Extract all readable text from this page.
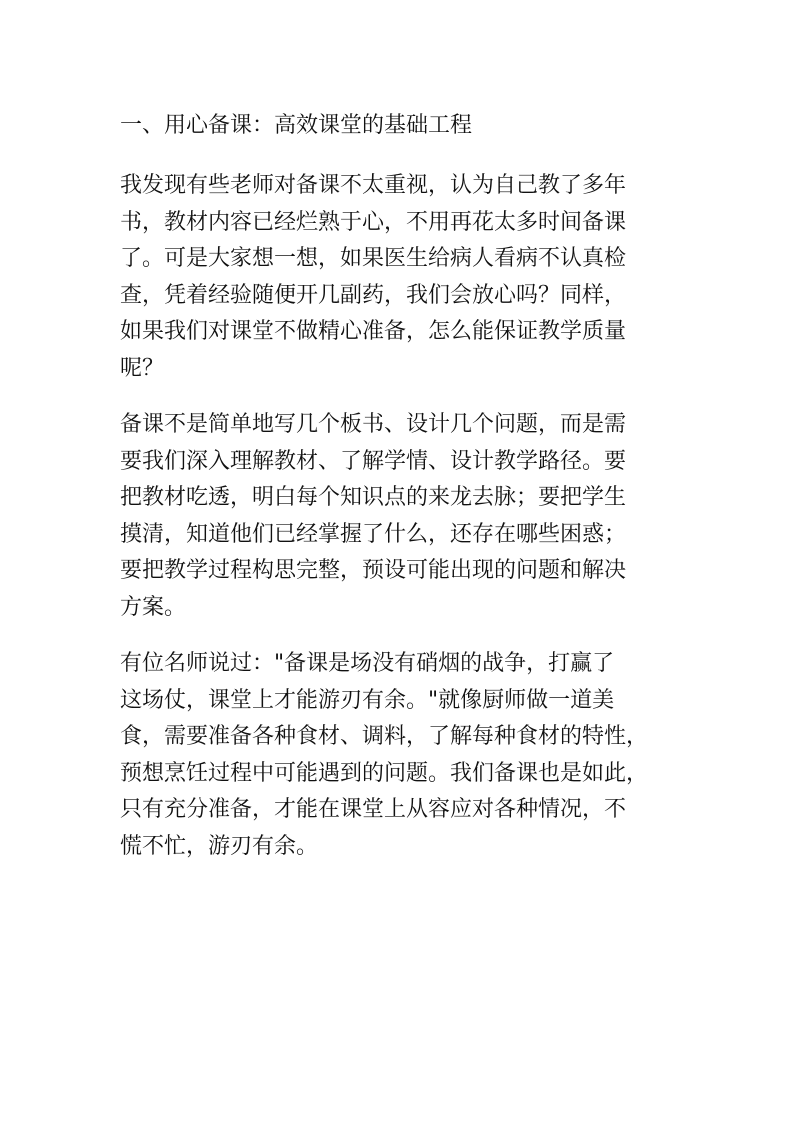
一、用心备课：高效课堂的基础工程

我发现有些老师对备课不太重视，认为自己教了多年
书，教材内容已经烂熟于心，不用再花太多时间备课
了。可是大家想一想，如果医生给病人看病不认真检
查，凭着经验随便开几副药，我们会放心吗？同样，
如果我们对课堂不做精心准备，怎么能保证教学质量
呢？

备课不是简单地写几个板书、设计几个问题，而是需
要我们深入理解教材、了解学情、设计教学路径。要
把教材吃透，明白每个知识点的来龙去脉；要把学生
摸清，知道他们已经掌握了什么，还存在哪些困惑；
要把教学过程构思完整，预设可能出现的问题和解决
方案。

有位名师说过："备课是场没有硝烟的战争，打赢了
这场仗，课堂上才能游刃有余。"就像厨师做一道美
食，需要准备各种食材、调料，了解每种食材的特性，
预想烹饪过程中可能遇到的问题。我们备课也是如此，
只有充分准备，才能在课堂上从容应对各种情况，不
慌不忙，游刃有余。
